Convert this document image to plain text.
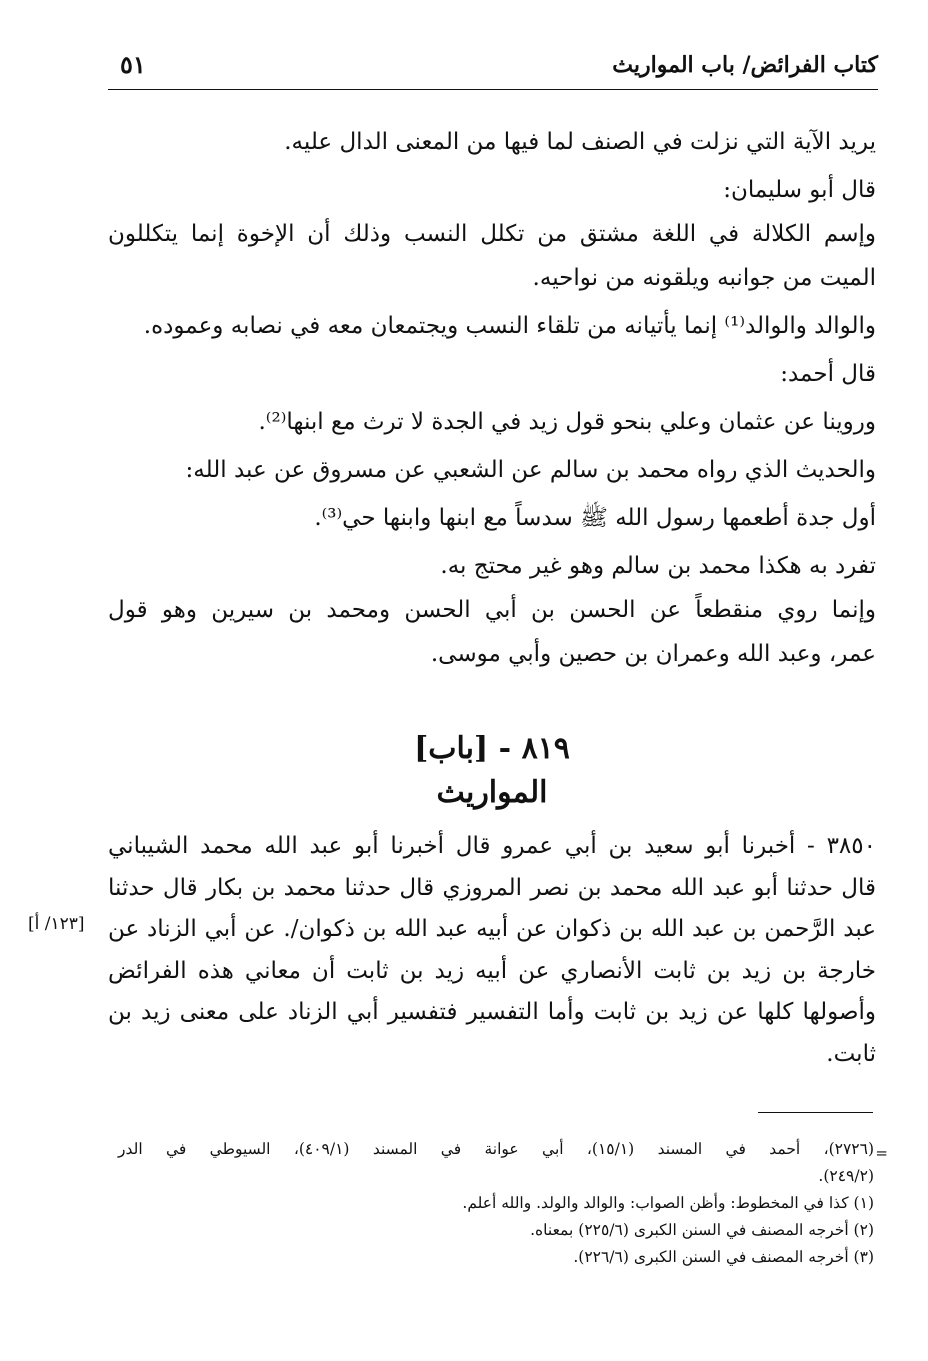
كتاب الفرائض/ باب المواريث
٥١
يريد الآية التي نزلت في الصنف لما فيها من المعنى الدال عليه.
قال أبو سليمان:
وإسم الكلالة في اللغة مشتق من تكلل النسب وذلك أن الإخوة إنما يتكللون
الميت من جوانبه ويلقونه من نواحيه.
والوالد والوالد⁽¹⁾ إنما يأتيانه من تلقاء النسب ويجتمعان معه في نصابه وعموده.
قال أحمد:
وروينا عن عثمان وعلي بنحو قول زيد في الجدة لا ترث مع ابنها⁽²⁾.
والحديث الذي رواه محمد بن سالم عن الشعبي عن مسروق عن عبد الله:
أول جدة أطعمها رسول الله ﷺ سدساً مع ابنها وابنها حي⁽³⁾.
تفرد به هكذا محمد بن سالم وهو غير محتج به.
وإنما روي منقطعاً عن الحسن بن أبي الحسن ومحمد بن سيرين وهو قول
عمر، وعبد الله وعمران بن حصين وأبي موسى.
٨١٩ - [باب]
المواريث
٣٨٥٠ - أخبرنا أبو سعيد بن أبي عمرو قال أخبرنا أبو عبد الله محمد الشيباني
قال حدثنا أبو عبد الله محمد بن نصر المروزي قال حدثنا محمد بن بكار قال حدثنا
عبد الرَّحمن بن عبد الله بن ذكوان عن أبيه عبد الله بن ذكوان/. عن أبي الزناد عن
خارجة بن زيد بن ثابت الأنصاري عن أبيه زيد بن ثابت أن معاني هذه الفرائض
وأصولها كلها عن زيد بن ثابت وأما التفسير فتفسير أبي الزناد على معنى زيد بن
ثابت.
[١٢٣/ أ]
=
(٢٧٢٦)، أحمد في المسند (١٥/١)، أبي عوانة في المسند (٤٠٩/١)، السيوطي في الدر
(٢٤٩/٢).
(١) كذا في المخطوط: وأظن الصواب: والوالد والولد. والله أعلم.
(٢) أخرجه المصنف في السنن الكبرى (٢٢٥/٦) بمعناه.
(٣) أخرجه المصنف في السنن الكبرى (٢٢٦/٦).
